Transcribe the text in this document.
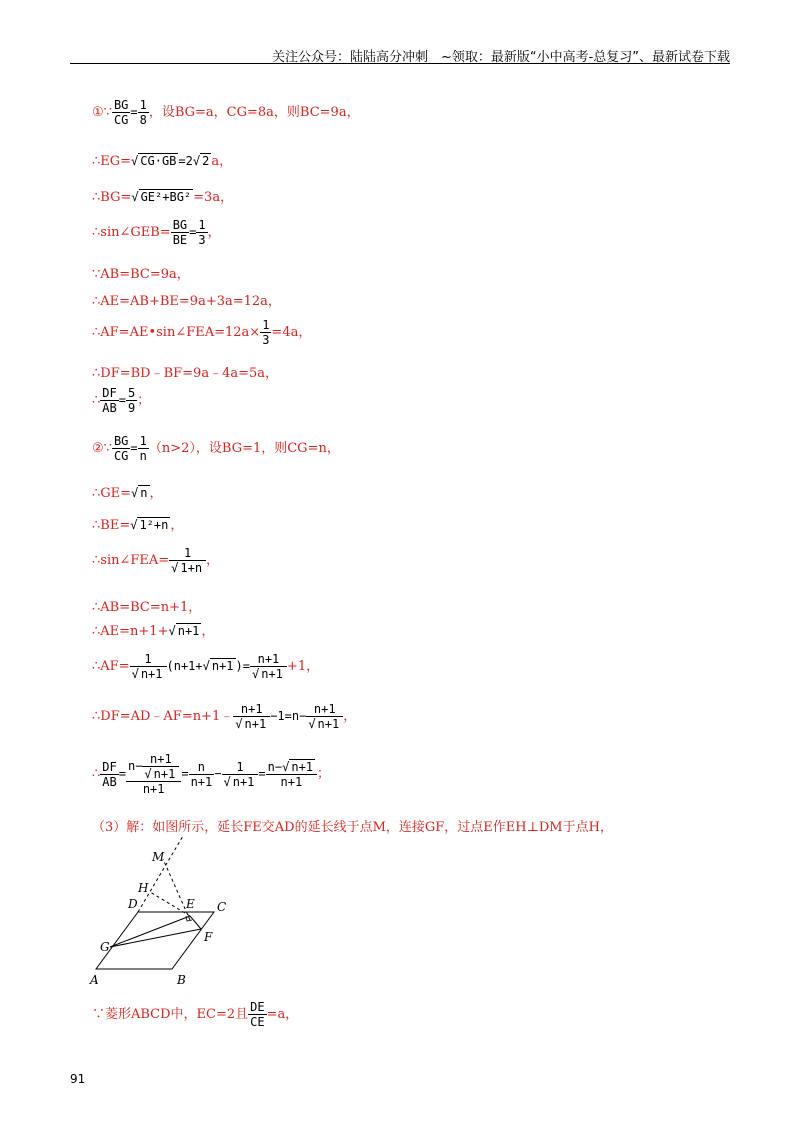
关注公众号：陆陆高分冲刺　~领取：最新版“小中高考-总复习”、最新试卷下载
①∵ $\frac{BG}{CG} = \frac{1}{8}$ ，设BG=a，CG=8a，则BC=9a，
∴EG=√ CG·GB =2√ 2 a，
∴BG=√ GE²+BG² =3a，
∴sin∠GEB= $\frac{BG}{BE} = \frac{1}{3}$ ，
∵AB=BC=9a，
∴AE=AB+BE=9a+3a=12a，
∴AF=AE•sin∠FEA=12a× $\frac{1}{3} =4a$，
∴DF=BD﹣BF=9a﹣4a=5a，
∴ $\frac{DF}{AB} = \frac{5}{9}$ ；
②∵ $\frac{BG}{CG} = \frac{1}{n} (n>2)$，设BG=1，则CG=n，
∴GE=√ n ，
∴BE=√ 1²+n ，
∴sin∠FEA= $\frac{1}{√ 1+n}$ ，
∴AB=BC=n+1，
∴AE=n+1+√ n+1 ，
∴AF= $\frac{1}{√ n+1} (n+1+√$ n+1 )= $\frac{n+1}{√ n+1} +1$，
∴DF=AD﹣AF=n+1﹣ $\frac{n+1}{√ n+1} -1=n- \frac{n+1}{√ n+1}$ ，
∴ $\frac{DF}{AB} = \frac{n- \frac{n+1}{√ n+1}}{n+1} = \frac{n}{n+1} - \frac{1}{√ n+1} = \frac{n-√ n+1}{n+1}$ ；
（3）解：如图所示，延长FE交AD的延长线于点M，连接GF，过点E作EH⊥DM于点H，
M
H
D	E C
G
F
A	B
∵菱形ABCD中，EC=2且 $\frac{DE}{CE} =a$，
91
